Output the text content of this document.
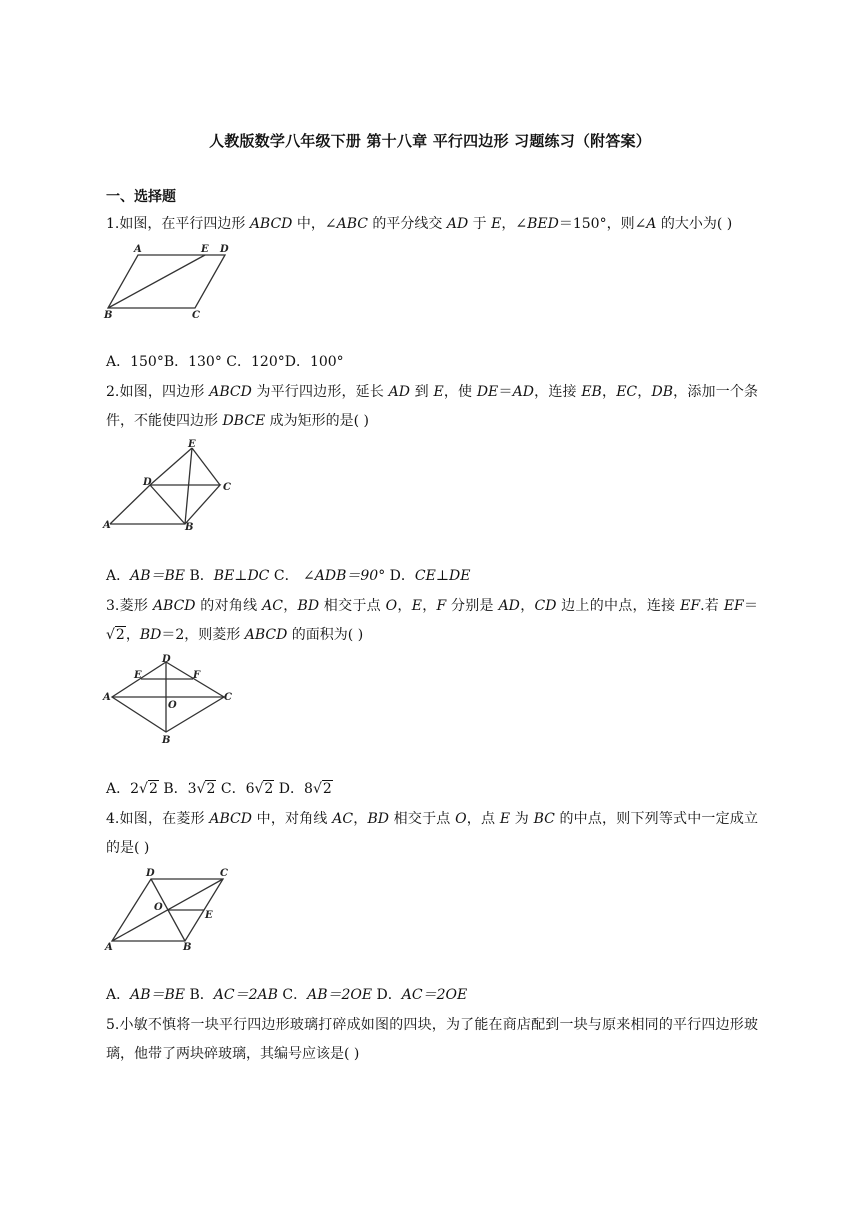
人教版数学八年级下册 第十八章 平行四边形 习题练习（附答案）
一、选择题
1.如图，在平行四边形 ABCD 中，∠ABC 的平分线交 AD 于 E，∠BED＝150°，则∠A 的大小为( )
A	E D
B	C
A．150°B．130° C．120°D．100°
2.如图，四边形 ABCD 为平行四边形，延长 AD 到 E，使 DE＝AD，连接 EB，EC，DB，添加一个条件，不能使四边形 DBCE 成为矩形的是( )
E
D	C
A	B
A．AB＝BE B．BE⊥DC C． ∠ADB＝90° D．CE⊥DE
3.菱形 ABCD 的对角线 AC，BD 相交于点 O，E，F 分别是 AD，CD 边上的中点，连接 EF.若 EF＝√2，BD＝2，则菱形 ABCD 的面积为( )
D
E	F
A	C
O
B
A．2√2 B．3√2 C．6√2 D．8√2
4.如图，在菱形 ABCD 中，对角线 AC，BD 相交于点 O，点 E 为 BC 的中点，则下列等式中一定成立的是( )
D	C
O
E
A	B
A．AB＝BE B．AC＝2AB C．AB＝2OE D．AC＝2OE
5.小敏不慎将一块平行四边形玻璃打碎成如图的四块，为了能在商店配到一块与原来相同的平行四边形玻璃，他带了两块碎玻璃，其编号应该是( )
